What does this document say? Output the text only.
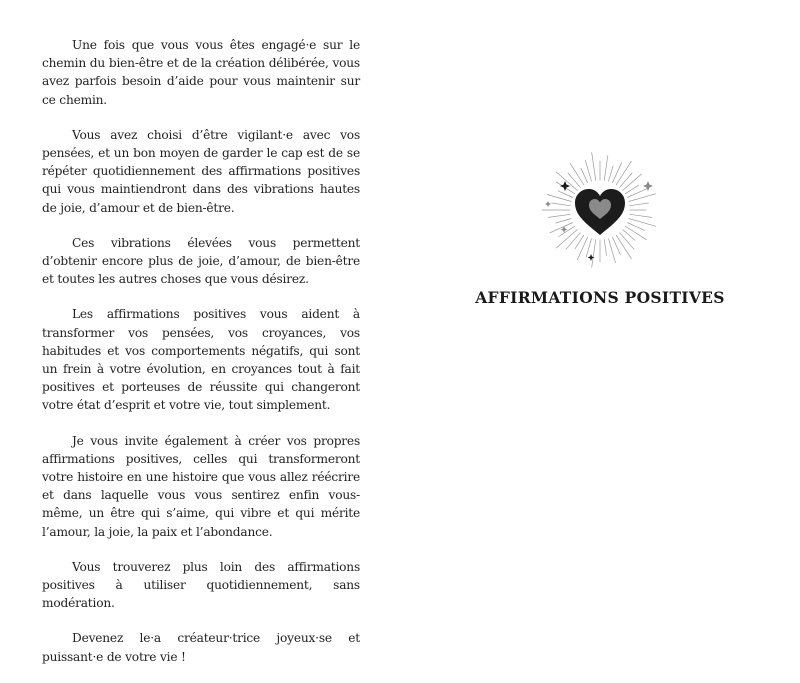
Une fois que vous vous êtes engagé·e sur le chemin du bien-être et de la création délibérée, vous avez parfois besoin d’aide pour vous maintenir sur ce chemin.

Vous avez choisi d’être vigilant·e avec vos pensées, et un bon moyen de garder le cap est de se répéter quotidiennement des affirmations positives qui vous maintiendront dans des vibrations hautes de joie, d’amour et de bien-être.

Ces vibrations élevées vous permettent d’obtenir encore plus de joie, d’amour, de bien-être et toutes les autres choses que vous désirez.

Les affirmations positives vous aident à transformer vos pensées, vos croyances, vos habitudes et vos comportements négatifs, qui sont un frein à votre évolution, en croyances tout à fait positives et porteuses de réussite qui changeront votre état d’esprit et votre vie, tout simplement.

Je vous invite également à créer vos propres affirmations positives, celles qui transformeront votre histoire en une histoire que vous allez réécrire et dans laquelle vous vous sentirez enfin vous-même, un être qui s’aime, qui vibre et qui mérite l’amour, la joie, la paix et l’abondance.

Vous trouverez plus loin des affirmations positives à utiliser quotidiennement, sans modération.

Devenez le·a créateur·trice joyeux·se et puissant·e de votre vie !

AFFIRMATIONS POSITIVES
